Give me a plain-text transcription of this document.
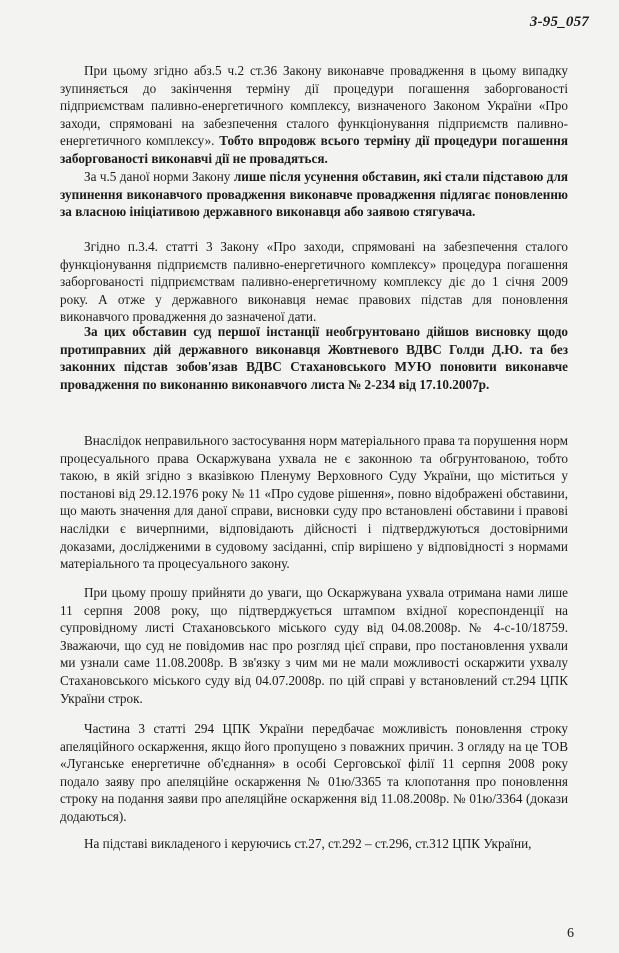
3-95_057

При цьому згідно абз.5 ч.2 ст.36 Закону виконавче провадження в цьому випадку зупиняється до закінчення терміну дії процедури погашення заборгованості підприємствам паливно-енергетичного комплексу, визначеного Законом України «Про заходи, спрямовані на забезпечення сталого функціонування підприємств паливно-енергетичного комплексу». Тобто впродовж всього терміну дії процедури погашення заборгованості виконавчі дії не провадяться.

За ч.5 даної норми Закону лише після усунення обставин, які стали підставою для зупинення виконавчого провадження виконавче провадження підлягає поновленню за власною ініціативою державного виконавця або заявою стягувача.

Згідно п.3.4. статті 3 Закону «Про заходи, спрямовані на забезпечення сталого функціонування підприємств паливно-енергетичного комплексу» процедура погашення заборгованості підприємствам паливно-енергетичному комплексу діє до 1 січня 2009 року. А отже у державного виконавця немає правових підстав для поновлення виконавчого провадження до зазначеної дати.

За цих обставин суд першої інстанції необгрунтовано дійшов висновку щодо протиправних дій державного виконавця Жовтневого ВДВС Голди Д.Ю. та без законних підстав зобов'язав ВДВС Стахановського МУЮ поновити виконавче провадження по виконанню виконавчого листа № 2-234 від 17.10.2007р.

Внаслідок неправильного застосування норм матеріального права та порушення норм процесуального права Оскаржувана ухвала не є законною та обгрунтованою, тобто такою, в якій згідно з вказівкою Пленуму Верховного Суду України, що міститься у постанові від 29.12.1976 року № 11 «Про судове рішення», повно відображені обставини, що мають значення для даної справи, висновки суду про встановлені обставини і правові наслідки є вичерпними, відповідають дійсності і підтверджуються достовірними доказами, дослідженими в судовому засіданні, спір вирішено у відповідності з нормами матеріального та процесуального закону.

При цьому прошу прийняти до уваги, що Оскаржувана ухвала отримана нами лише 11 серпня 2008 року, що підтверджується штампом вхідної кореспонденції на супровідному листі Стахановського міського суду від 04.08.2008р. № 4-с-10/18759. Зважаючи, що суд не повідомив нас про розгляд цієї справи, про постановлення ухвали ми узнали саме 11.08.2008р. В зв'язку з чим ми не мали можливості оскаржити ухвалу Стахановського міського суду від 04.07.2008р. по цій справі у встановлений ст.294 ЦПК України строк.

Частина 3 статті 294 ЦПК України передбачає можливість поновлення строку апеляційного оскарження, якщо його пропущено з поважних причин. З огляду на це ТОВ «Луганське енергетичне об'єднання» в особі Серговської філії 11 серпня 2008 року подало заяву про апеляційне оскарження № 01ю/3365 та клопотання про поновлення строку на подання заяви про апеляційне оскарження від 11.08.2008р. № 01ю/3364 (докази додаються).

На підставі викладеного і керуючись ст.27, ст.292 – ст.296, ст.312 ЦПК України,

6
